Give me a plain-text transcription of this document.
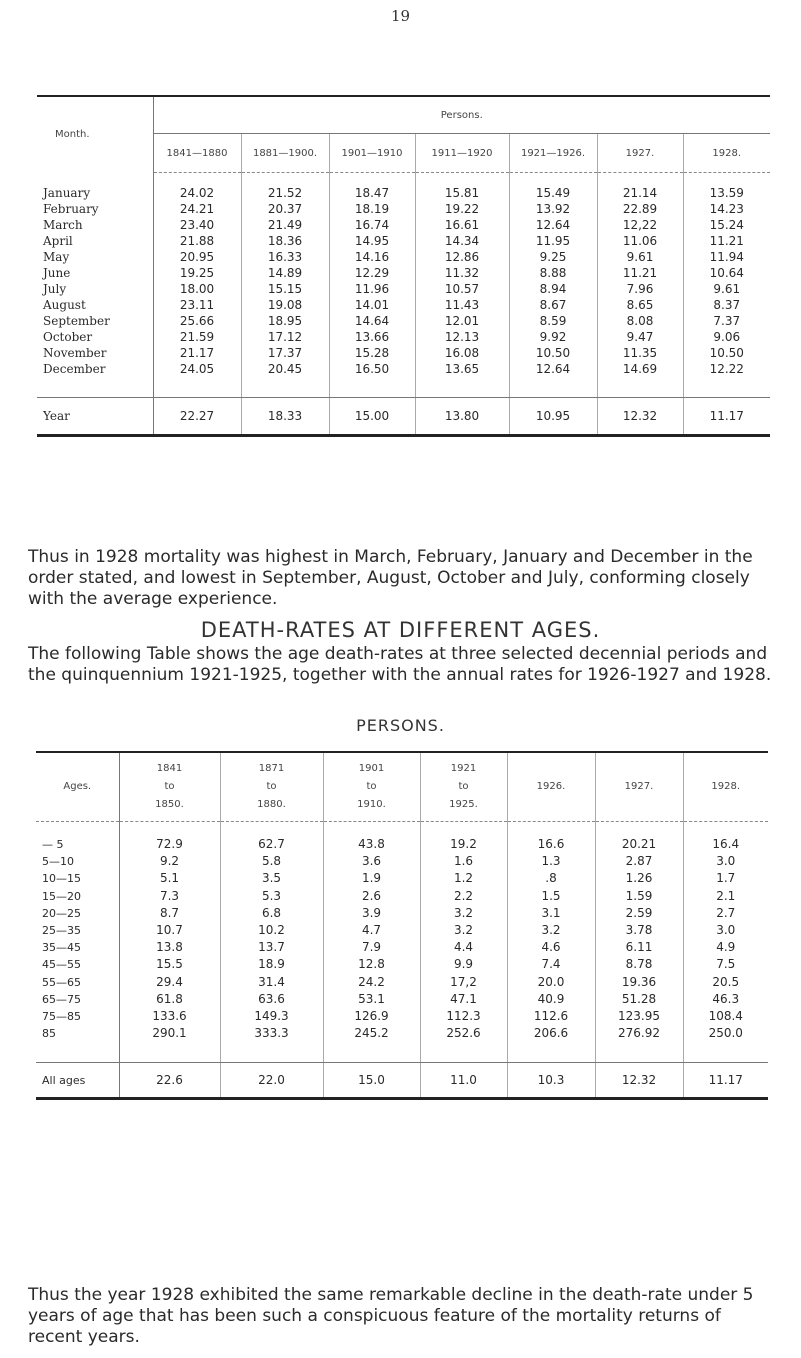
19
Month.	Persons.						
	1841—1880	1881—1900.	1901—1910	1911—1920	1921—1926.	1927.	1928.
January	24.02	21.52	18.47	15.81	15.49	21.14	13.59
February	24.21	20.37	18.19	19.22	13.92	22.89	14.23
March	23.40	21.49	16.74	16.61	12.64	12,22	15.24
April	21.88	18.36	14.95	14.34	11.95	11.06	11.21
May	20.95	16.33	14.16	12.86	9.25	9.61	11.94
June	19.25	14.89	12.29	11.32	8.88	11.21	10.64
July	18.00	15.15	11.96	10.57	8.94	7.96	9.61
August	23.11	19.08	14.01	11.43	8.67	8.65	8.37
September	25.66	18.95	14.64	12.01	8.59	8.08	7.37
October	21.59	17.12	13.66	12.13	9.92	9.47	9.06
November	21.17	17.37	15.28	16.08	10.50	11.35	10.50
December	24.05	20.45	16.50	13.65	12.64	14.69	12.22

Year	22.27	18.33	15.00	13.80	10.95	12.32	11.17

Thus in 1928 mortality was highest in March, February, January and December in the order stated, and lowest in September, August, October and July, conforming closely with the average experience.

DEATH-RATES AT DIFFERENT AGES.

The following Table shows the age death-rates at three selected decennial periods and the quinquennium 1921-1925, together with the annual rates for 1926-1927 and 1928.

PERSONS.
Ages.	1841
to
1850.	1871
to
1880.	1901
to
1910.	1921
to
1925.	1926.	1927.	1928.
— 5	72.9	62.7	43.8	19.2	16.6	20.21	16.4
5—10	9.2	5.8	3.6	1.6	1.3	2.87	3.0
10—15	5.1	3.5	1.9	1.2	.8	1.26	1.7
15—20	7.3	5.3	2.6	2.2	1.5	1.59	2.1
20—25	8.7	6.8	3.9	3.2	3.1	2.59	2.7
25—35	10.7	10.2	4.7	3.2	3.2	3.78	3.0
35—45	13.8	13.7	7.9	4.4	4.6	6.11	4.9
45—55	15.5	18.9	12.8	9.9	7.4	8.78	7.5
55—65	29.4	31.4	24.2	17,2	20.0	19.36	20.5
65—75	61.8	63.6	53.1	47.1	40.9	51.28	46.3
75—85	133.6	149.3	126.9	112.3	112.6	123.95	108.4
85	290.1	333.3	245.2	252.6	206.6	276.92	250.0

All ages	22.6	22.0	15.0	11.0	10.3	12.32	11.17

Thus the year 1928 exhibited the same remarkable decline in the death-rate under 5 years of age that has been such a conspicuous feature of the mortality returns of recent years.
